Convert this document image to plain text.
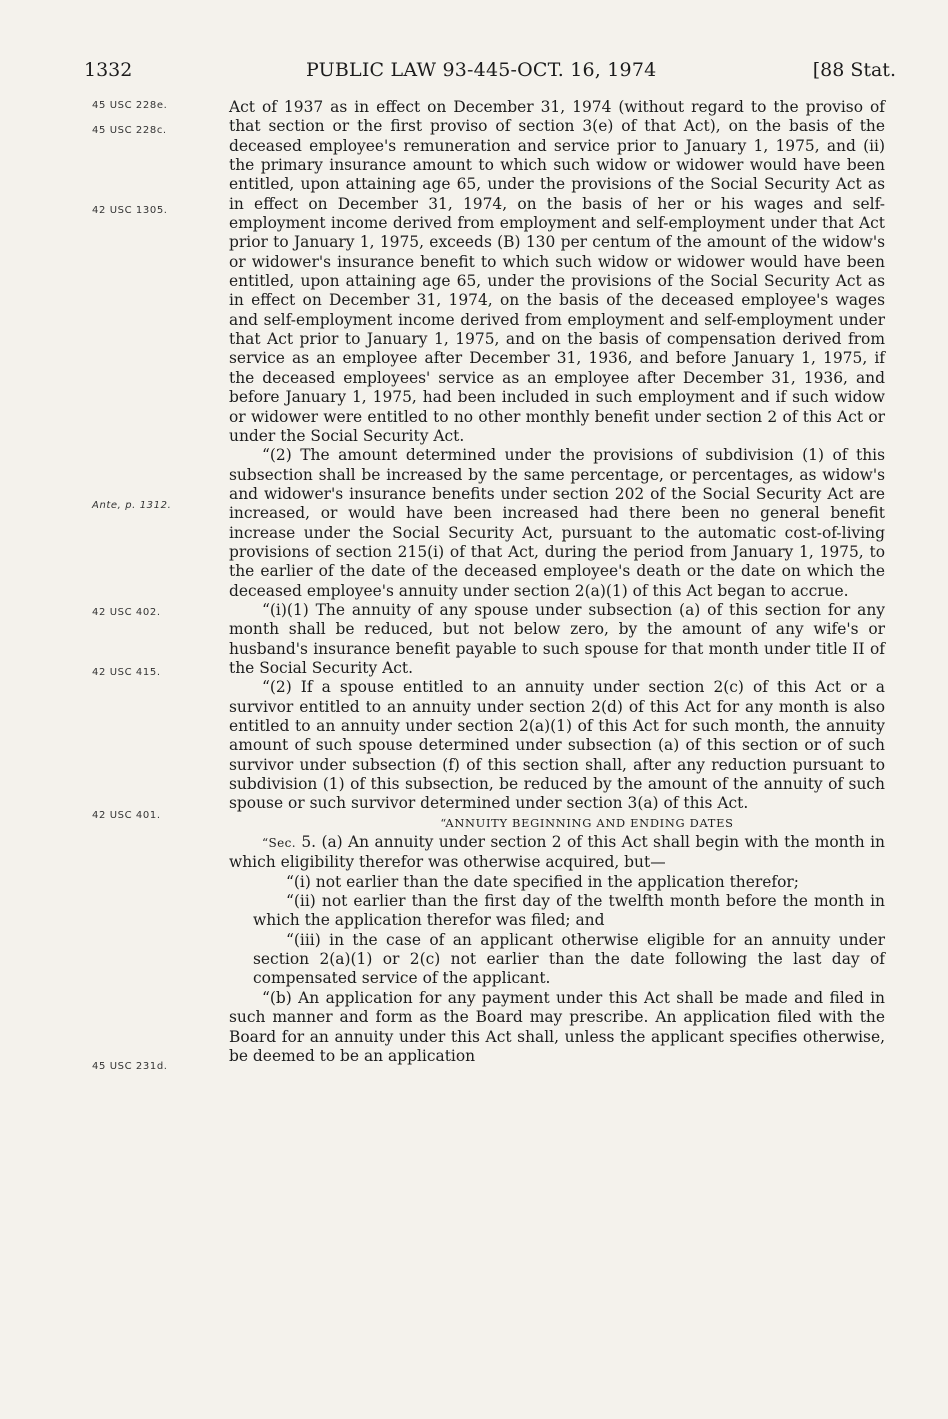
1332	PUBLIC LAW 93-445-OCT. 16, 1974	[88 Stat.
45 USC 228e.
45 USC 228c.
42 USC 1305.
Ante, p. 1312.
42 USC 402.
42 USC 415.
42 USC 401.
45 USC 231d.

Act of 1937 as in effect on December 31, 1974 (without regard to the proviso of that section or the first proviso of section 3(e) of that Act), on the basis of the deceased employee's remuneration and service prior to January 1, 1975, and (ii) the primary insurance amount to which such widow or widower would have been entitled, upon attaining age 65, under the provisions of the Social Security Act as in effect on December 31, 1974, on the basis of her or his wages and self-employment income derived from employment and self-employment under that Act prior to January 1, 1975, exceeds (B) 130 per centum of the amount of the widow's or widower's insurance benefit to which such widow or widower would have been entitled, upon attaining age 65, under the provisions of the Social Security Act as in effect on December 31, 1974, on the basis of the deceased employee's wages and self-employment income derived from employment and self-employment under that Act prior to January 1, 1975, and on the basis of compensation derived from service as an employee after December 31, 1936, and before January 1, 1975, if the deceased employees' service as an employee after December 31, 1936, and before January 1, 1975, had been included in such employment and if such widow or widower were entitled to no other monthly benefit under section 2 of this Act or under the Social Security Act.

“(2) The amount determined under the provisions of subdivision (1) of this subsection shall be increased by the same percentage, or percentages, as widow's and widower's insurance benefits under section 202 of the Social Security Act are increased, or would have been increased had there been no general benefit increase under the Social Security Act, pursuant to the automatic cost-of-living provisions of section 215(i) of that Act, during the period from January 1, 1975, to the earlier of the date of the deceased employee's death or the date on which the deceased employee's annuity under section 2(a)(1) of this Act began to accrue.

“(i)(1) The annuity of any spouse under subsection (a) of this section for any month shall be reduced, but not below zero, by the amount of any wife's or husband's insurance benefit payable to such spouse for that month under title II of the Social Security Act.

“(2) If a spouse entitled to an annuity under section 2(c) of this Act or a survivor entitled to an annuity under section 2(d) of this Act for any month is also entitled to an annuity under section 2(a)(1) of this Act for such month, the annuity amount of such spouse determined under subsection (a) of this section or of such survivor under subsection (f) of this section shall, after any reduction pursuant to subdivision (1) of this subsection, be reduced by the amount of the annuity of such spouse or such survivor determined under section 3(a) of this Act.

“ANNUITY BEGINNING AND ENDING DATES

“Sec. 5. (a) An annuity under section 2 of this Act shall begin with the month in which eligibility therefor was otherwise acquired, but—

“(i) not earlier than the date specified in the application therefor;

“(ii) not earlier than the first day of the twelfth month before the month in which the application therefor was filed; and

“(iii) in the case of an applicant otherwise eligible for an annuity under section 2(a)(1) or 2(c) not earlier than the date following the last day of compensated service of the applicant.

“(b) An application for any payment under this Act shall be made and filed in such manner and form as the Board may prescribe. An application filed with the Board for an annuity under this Act shall, unless the applicant specifies otherwise, be deemed to be an application
